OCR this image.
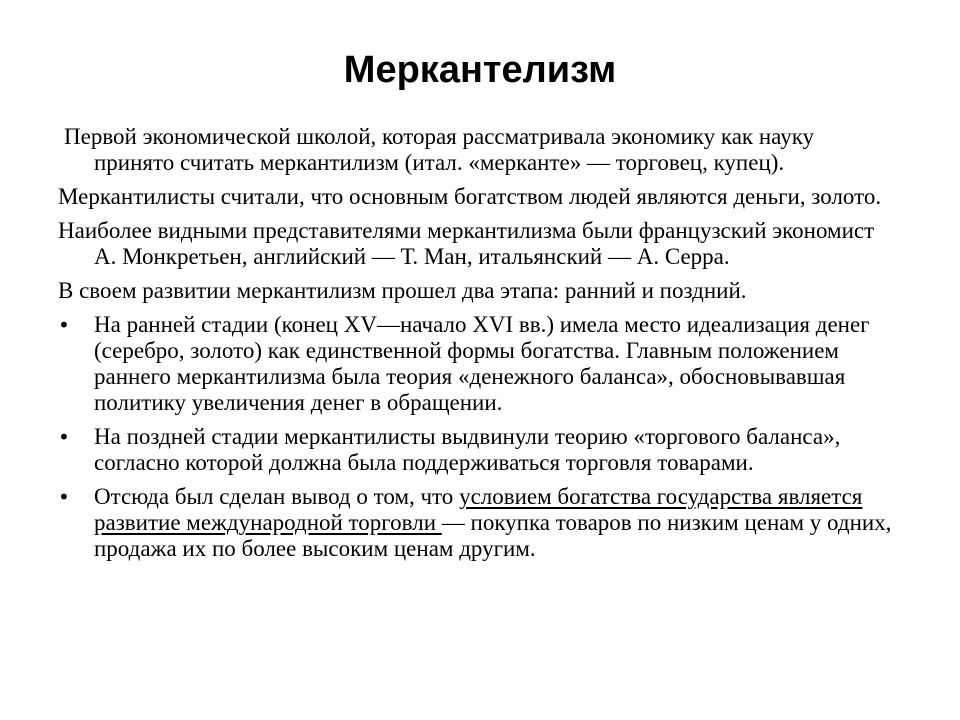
Меркантелизм

Первой экономической школой, которая рассматривала экономику как науку принято считать меркантилизм (итал. «мерканте» — торговец, купец).

Меркантилисты считали, что основным богатством людей являются деньги, золото.

Наиболее видными представителями меркантилизма были французский экономист А. Монкретьен, английский — Т. Ман, итальянский — А. Серра.

В своем развитии меркантилизм прошел два этапа: ранний и поздний.

•	На ранней стадии (конец XV—начало XVI вв.) имела место идеализация денег (серебро, золото) как единственной формы богатства. Главным положением раннего меркантилизма была теория «денежного баланса», обосновывавшая политику увеличения денег в обращении.
•	На поздней стадии меркантилисты выдвинули теорию «торгового баланса», согласно которой должна была поддерживаться торговля товарами.
•	Отсюда был сделан вывод о том, что условием богатства государства является развитие международной торговли — покупка товаров по низким ценам у одних, продажа их по более высоким ценам другим.
